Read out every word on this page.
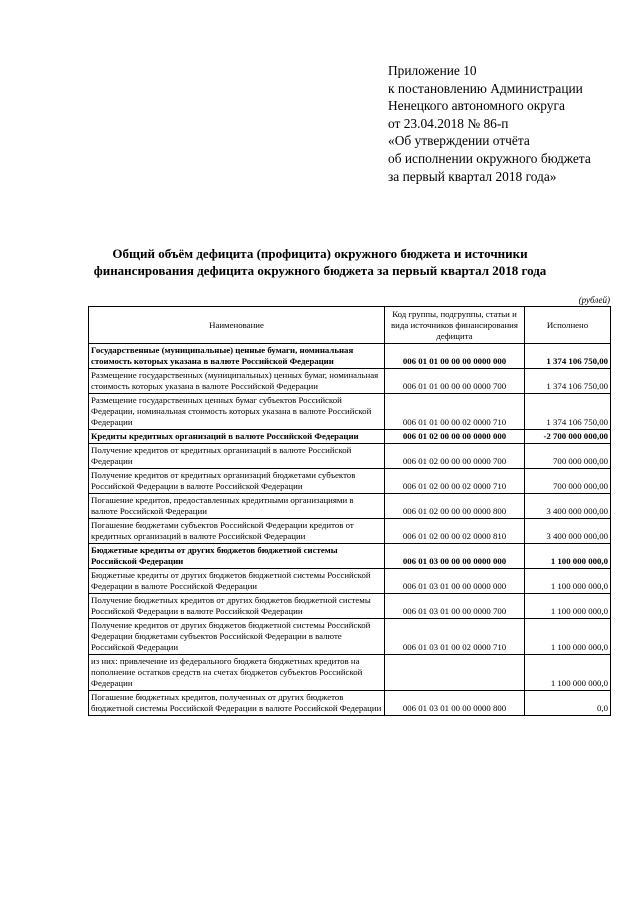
Приложение 10
к постановлению Администрации
Ненецкого автономного округа
от 23.04.2018 № 86-п
«Об утверждении отчёта
об исполнении окружного бюджета
за первый квартал 2018 года»
Общий объём дефицита (профицита) окружного бюджета и источники
финансирования дефицита окружного бюджета за первый квартал 2018 года
(рублей)
Наименование	Код группы, подгруппы, статьи и вида источников финансирования дефицита	Исполнено
Государственные (муниципальные) ценные бумаги, номинальная стоимость которых указана в валюте Российской Федерации	006 01 01 00 00 00 0000 000	1 374 106 750,00
Размещение государственных (муниципальных) ценных бумаг, номинальная стоимость которых указана в валюте Российской Федерации	006 01 01 00 00 00 0000 700	1 374 106 750,00
Размещение государственных ценных бумаг субъектов Российской Федерации, номинальная стоимость которых указана в валюте Российской Федерации	006 01 01 00 00 02 0000 710	1 374 106 750,00
Кредиты кредитных организаций в валюте Российской Федерации	006 01 02 00 00 00 0000 000	-2 700 000 000,00
Получение кредитов от кредитных организаций в валюте Российской Федерации	006 01 02 00 00 00 0000 700	700 000 000,00
Получение кредитов от кредитных организаций бюджетами субъектов Российской Федерации в валюте Российской Федерации	006 01 02 00 00 02 0000 710	700 000 000,00
Погашение кредитов, предоставленных кредитными организациями в валюте Российской Федерации	006 01 02 00 00 00 0000 800	3 400 000 000,00
Погашение бюджетами субъектов Российской Федерации кредитов от кредитных организаций в валюте Российской Федерации	006 01 02 00 00 02 0000 810	3 400 000 000,00
Бюджетные кредиты от других бюджетов бюджетной системы Российской Федерации	006 01 03 00 00 00 0000 000	1 100 000 000,0
Бюджетные кредиты от других бюджетов бюджетной системы Российской Федерации в валюте Российской Федерации	006 01 03 01 00 00 0000 000	1 100 000 000,0
Получение бюджетных кредитов от других бюджетов бюджетной системы Российской Федерации в валюте Российской Федерации	006 01 03 01 00 00 0000 700	1 100 000 000,0
Получение кредитов от других бюджетов бюджетной системы Российской Федерации бюджетами субъектов Российской Федерации в валюте Российской Федерации	006 01 03 01 00 02 0000 710	1 100 000 000,0
из них: привлечение из федерального бюджета бюджетных кредитов на пополнение остатков средств на счетах бюджетов субъектов Российской Федерации		1 100 000 000,0
Погашение бюджетных кредитов, полученных от других бюджетов бюджетной системы Российской Федерации в валюте Российской Федерации	006 01 03 01 00 00 0000 800	0,0
